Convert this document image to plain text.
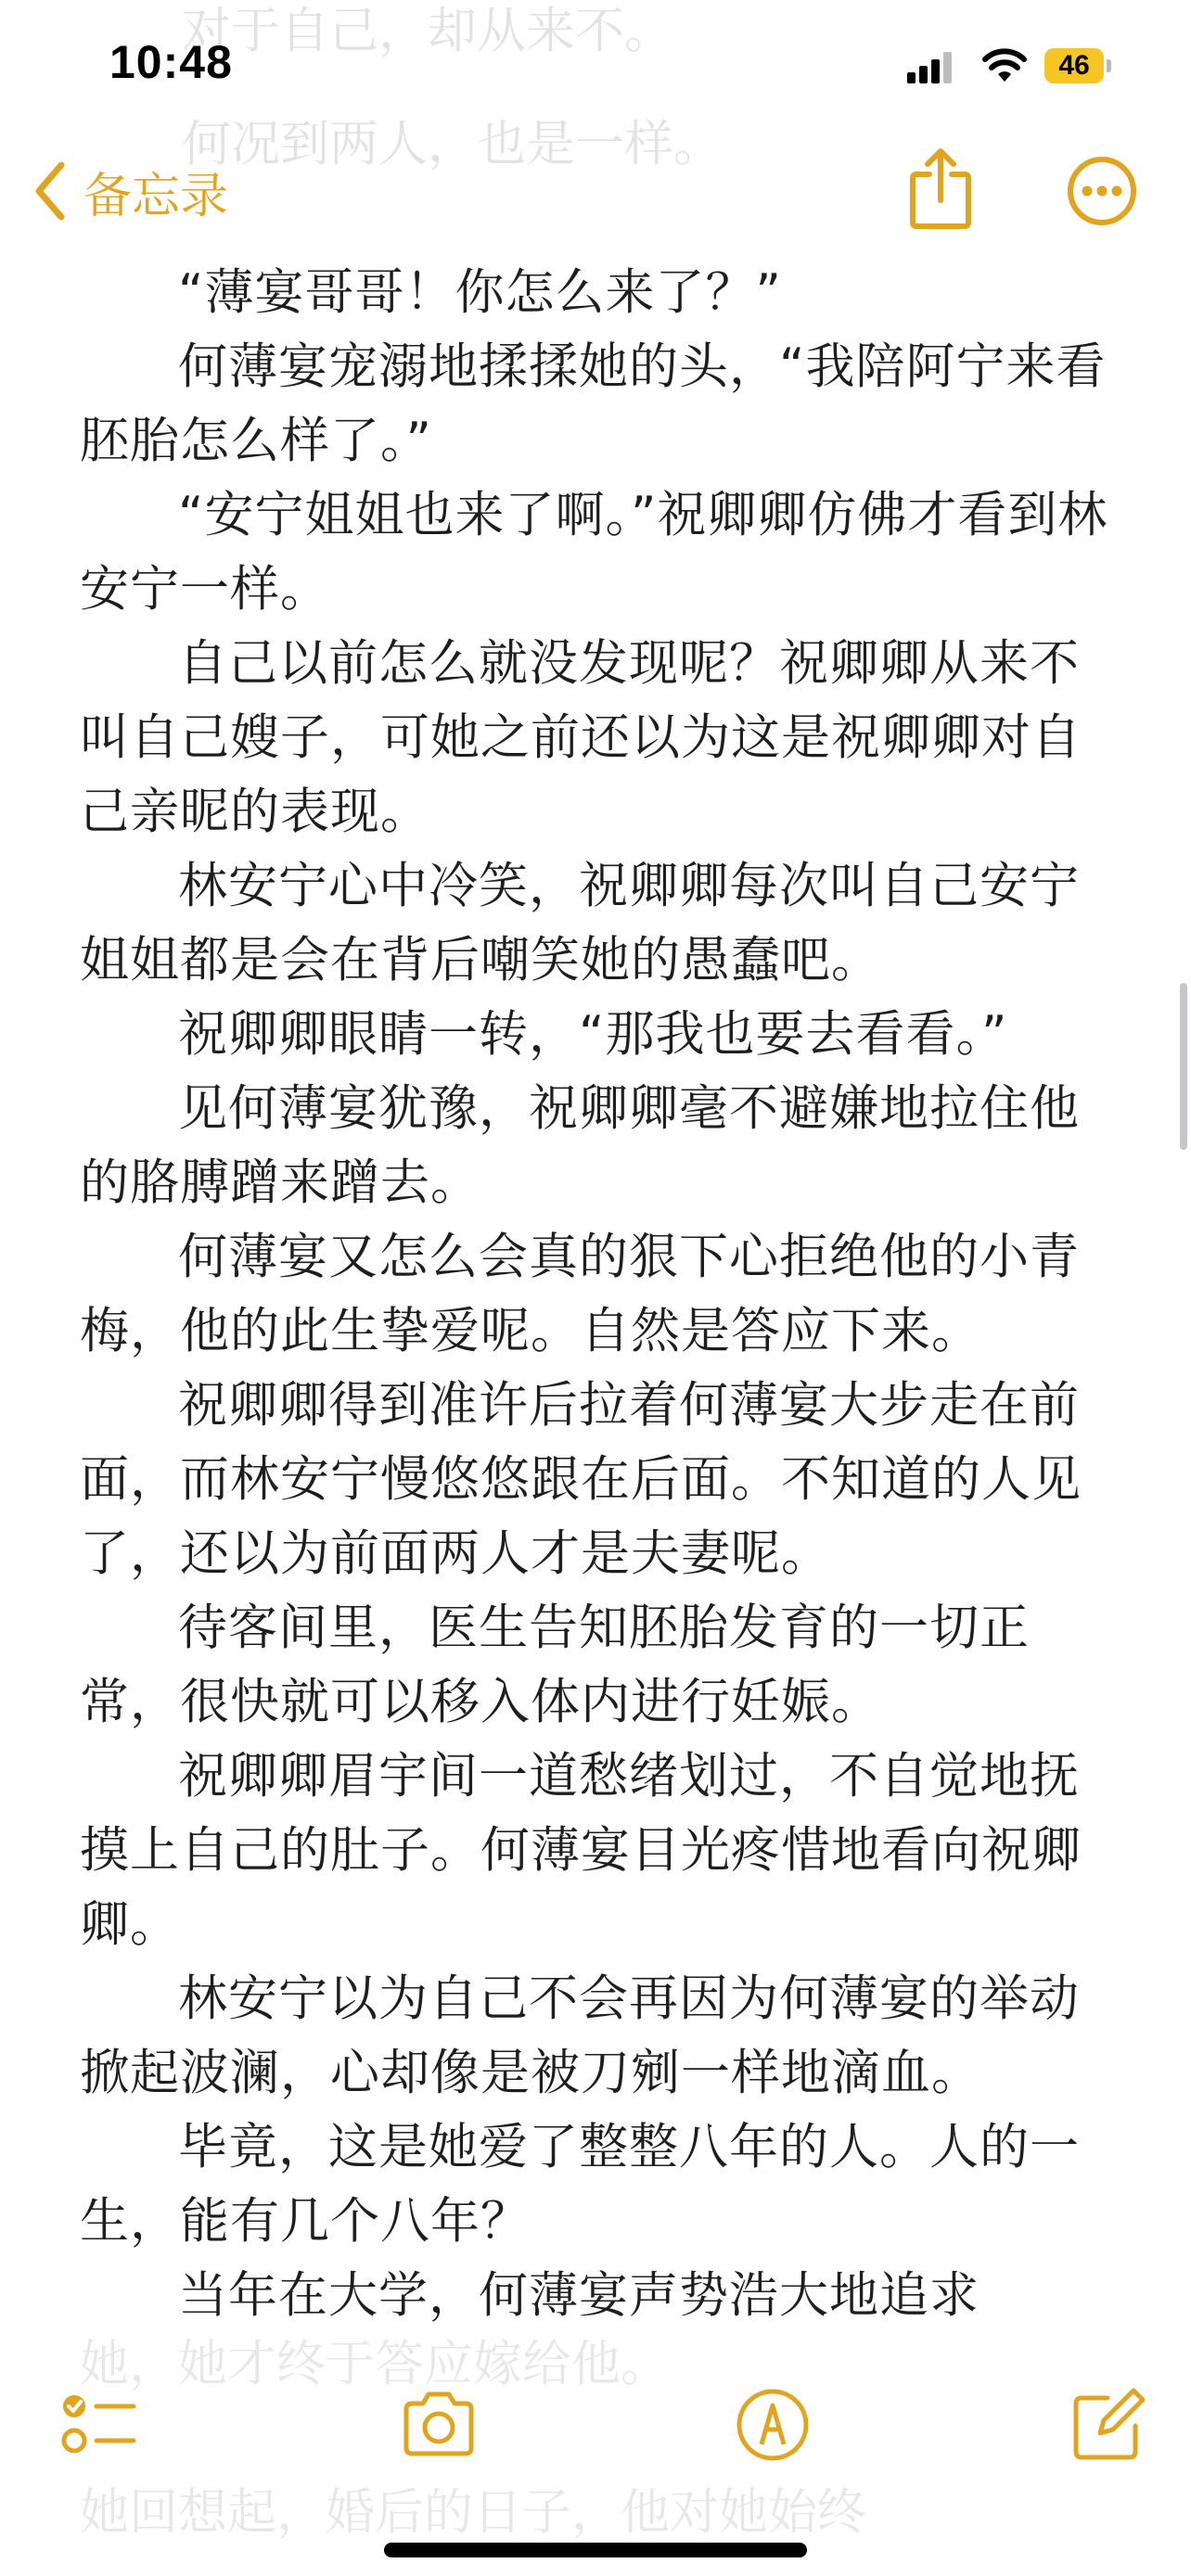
对于自己，却从来不。
何况到两人，也是一样。
10:48	46
备忘录

“薄宴哥哥！你怎么来了？”

何薄宴宠溺地揉揉她的头，“我陪阿宁来看胚胎怎么样了。”

“安宁姐姐也来了啊。”祝卿卿仿佛才看到林安宁一样。

自己以前怎么就没发现呢？祝卿卿从来不叫自己嫂子，可她之前还以为这是祝卿卿对自己亲昵的表现。

林安宁心中冷笑，祝卿卿每次叫自己安宁姐姐都是会在背后嘲笑她的愚蠢吧。

祝卿卿眼睛一转，“那我也要去看看。”

见何薄宴犹豫，祝卿卿毫不避嫌地拉住他的胳膊蹭来蹭去。

何薄宴又怎么会真的狠下心拒绝他的小青梅，他的此生挚爱呢。自然是答应下来。

祝卿卿得到准许后拉着何薄宴大步走在前面，而林安宁慢悠悠跟在后面。不知道的人见了，还以为前面两人才是夫妻呢。

待客间里，医生告知胚胎发育的一切正常，很快就可以移入体内进行妊娠。

祝卿卿眉宇间一道愁绪划过，不自觉地抚摸上自己的肚子。何薄宴目光疼惜地看向祝卿卿。

林安宁以为自己不会再因为何薄宴的举动掀起波澜，心却像是被刀剜一样地滴血。

毕竟，这是她爱了整整八年的人。人的一生，能有几个八年？

当年在大学，何薄宴声势浩大地追求

她，她才终于答应嫁给他。
她回想起，婚后的日子，他对她始终
